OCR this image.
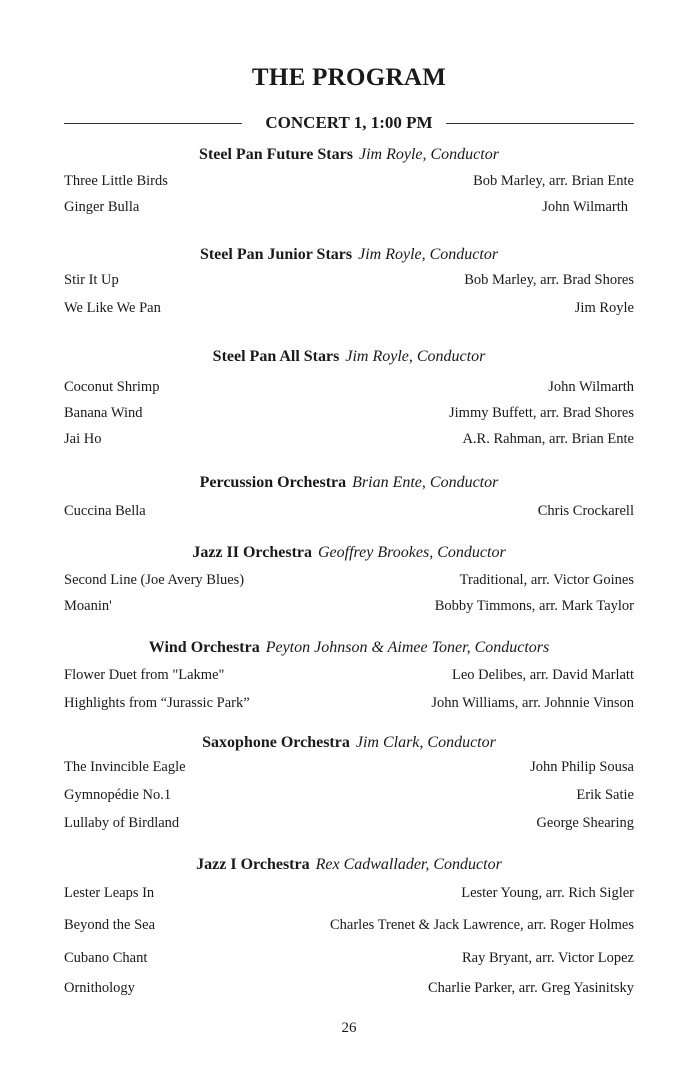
THE PROGRAM
CONCERT 1, 1:00 PM
Steel Pan Future Stars Jim Royle, Conductor
Three Little Birds	Bob Marley, arr. Brian Ente
Ginger Bulla	John Wilmarth
Steel Pan Junior Stars Jim Royle, Conductor
Stir It Up	Bob Marley, arr. Brad Shores
We Like We Pan	Jim Royle
Steel Pan All Stars Jim Royle, Conductor
Coconut Shrimp	John Wilmarth
Banana Wind	Jimmy Buffett, arr. Brad Shores
Jai Ho	A.R. Rahman, arr. Brian Ente
Percussion Orchestra Brian Ente, Conductor
Cuccina Bella	Chris Crockarell
Jazz II Orchestra Geoffrey Brookes, Conductor
Second Line (Joe Avery Blues)	Traditional, arr. Victor Goines
Moanin'	Bobby Timmons, arr. Mark Taylor
Wind Orchestra Peyton Johnson & Aimee Toner, Conductors
Flower Duet from "Lakme"	Leo Delibes, arr. David Marlatt
Highlights from “Jurassic Park”	John Williams, arr. Johnnie Vinson
Saxophone Orchestra Jim Clark, Conductor
The Invincible Eagle	John Philip Sousa
Gymnopédie No.1	Erik Satie
Lullaby of Birdland	George Shearing
Jazz I Orchestra Rex Cadwallader, Conductor
Lester Leaps In	Lester Young, arr. Rich Sigler
Beyond the Sea	Charles Trenet & Jack Lawrence, arr. Roger Holmes
Cubano Chant	Ray Bryant, arr. Victor Lopez
Ornithology	Charlie Parker, arr. Greg Yasinitsky
26
